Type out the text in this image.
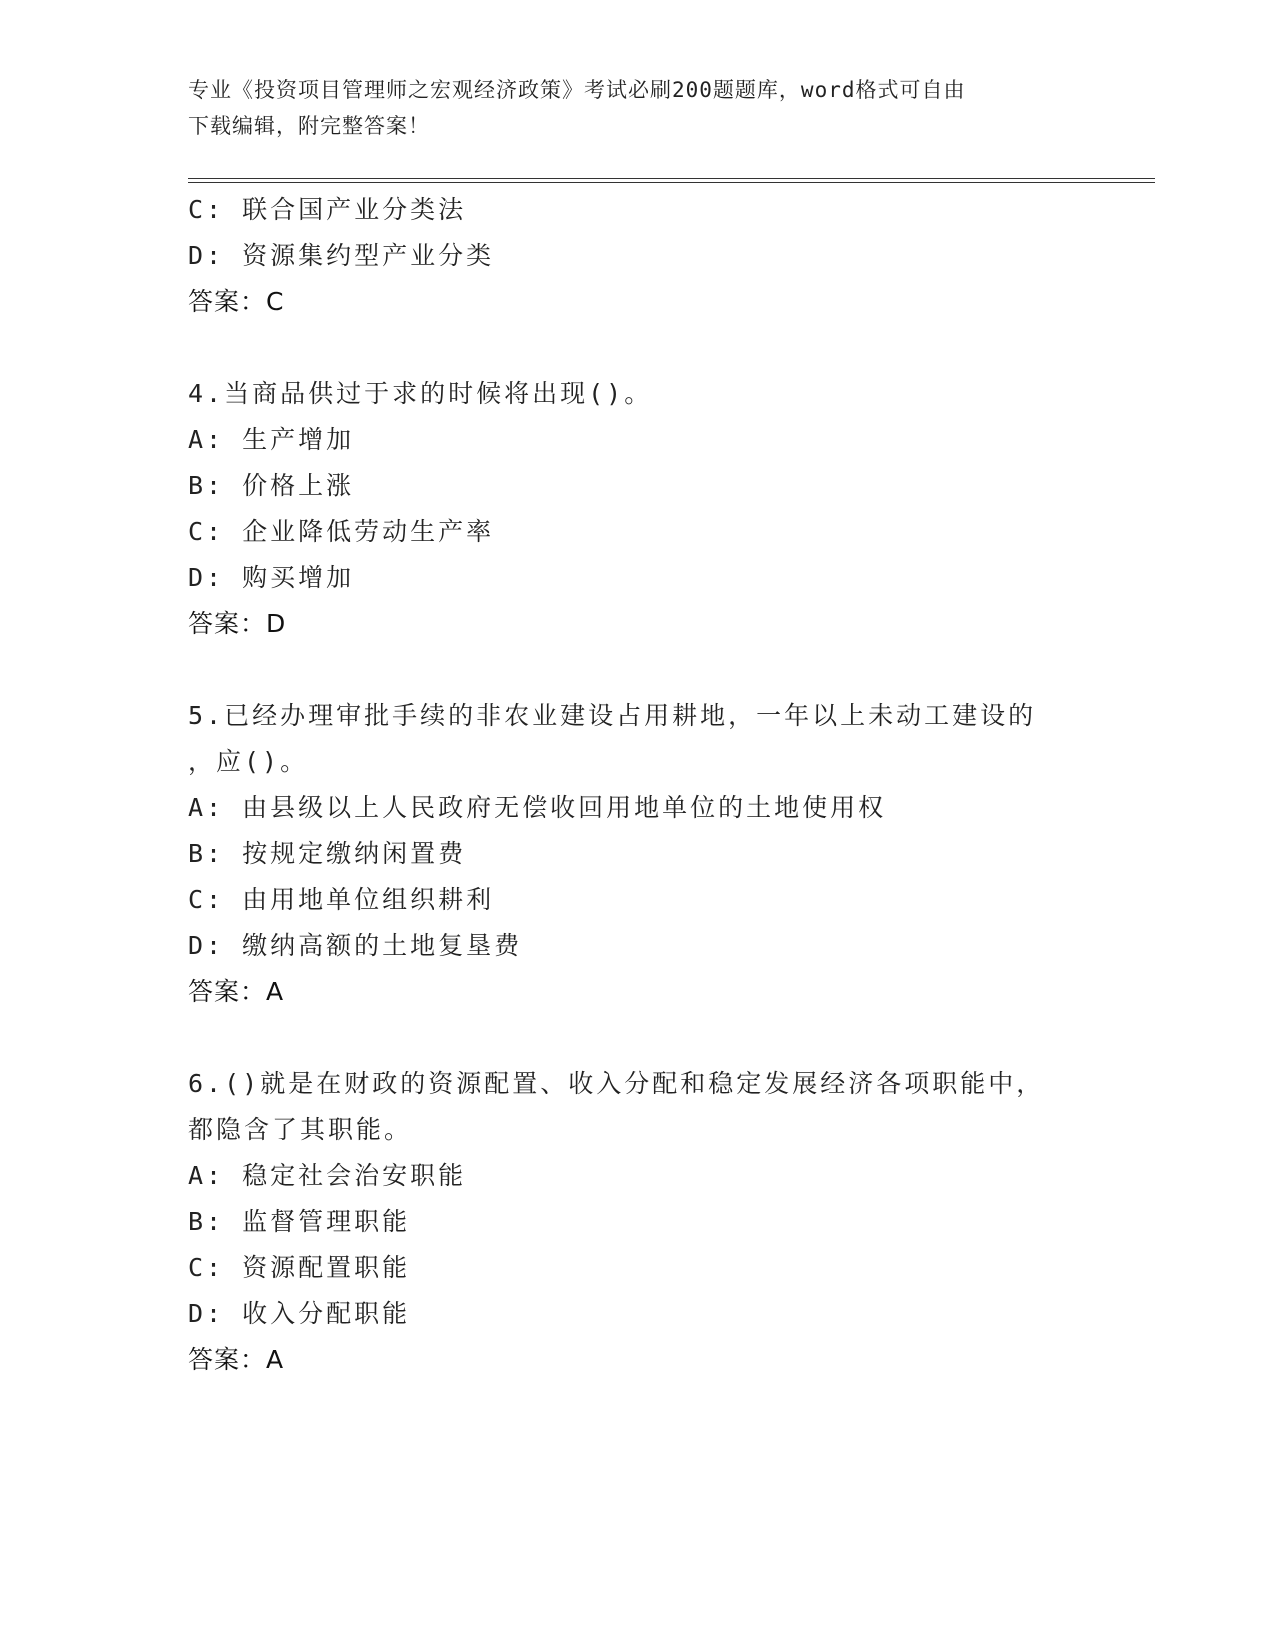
专业《投资项目管理师之宏观经济政策》考试必刷200题题库，word格式可自由
下载编辑，附完整答案！
C: 联合国产业分类法
D: 资源集约型产业分类
答案：C
4.当商品供过于求的时候将出现()。
A: 生产增加
B: 价格上涨
C: 企业降低劳动生产率
D: 购买增加
答案：D
5.已经办理审批手续的非农业建设占用耕地，一年以上未动工建设的
，应()。
A: 由县级以上人民政府无偿收回用地单位的土地使用权
B: 按规定缴纳闲置费
C: 由用地单位组织耕利
D: 缴纳高额的土地复垦费
答案：A
6.()就是在财政的资源配置、收入分配和稳定发展经济各项职能中，
都隐含了其职能。
A: 稳定社会治安职能
B: 监督管理职能
C: 资源配置职能
D: 收入分配职能
答案：A
